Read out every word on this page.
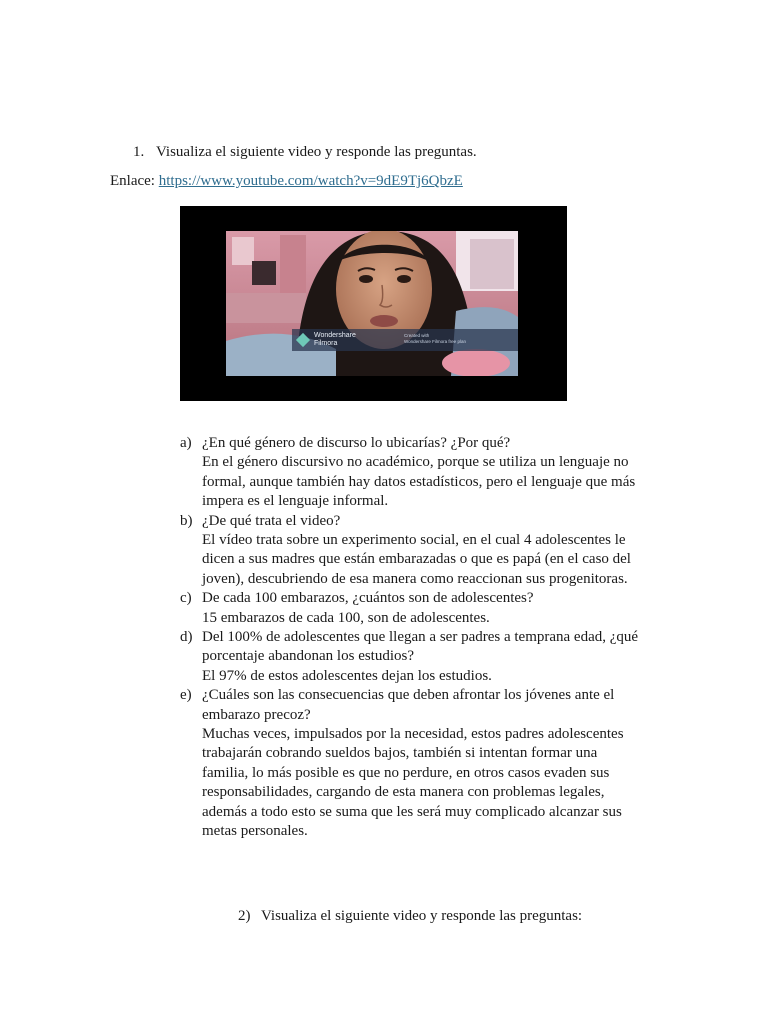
1. Visualiza el siguiente video y responde las preguntas.
Enlace: https://www.youtube.com/watch?v=9dE9Tj6QbzE
Wondershare
Filmora
Created with
Wondershare Filmora free plan
a) ¿En qué género de discurso lo ubicarías? ¿Por qué?
En el género discursivo no académico, porque se utiliza un lenguaje no
formal, aunque también hay datos estadísticos, pero el lenguaje que más
impera es el lenguaje informal.
b) ¿De qué trata el video?
El vídeo trata sobre un experimento social, en el cual 4 adolescentes le
dicen a sus madres que están embarazadas o que es papá (en el caso del
joven), descubriendo de esa manera como reaccionan sus progenitoras.
c) De cada 100 embarazos, ¿cuántos son de adolescentes?
15 embarazos de cada 100, son de adolescentes.
d) Del 100% de adolescentes que llegan a ser padres a temprana edad, ¿qué
porcentaje abandonan los estudios?
El 97% de estos adolescentes dejan los estudios.
e) ¿Cuáles son las consecuencias que deben afrontar los jóvenes ante el
embarazo precoz?
Muchas veces, impulsados por la necesidad, estos padres adolescentes
trabajarán cobrando sueldos bajos, también si intentan formar una
familia, lo más posible es que no perdure, en otros casos evaden sus
responsabilidades, cargando de esta manera con problemas legales,
además a todo esto se suma que les será muy complicado alcanzar sus
metas personales.
2) Visualiza el siguiente video y responde las preguntas:
